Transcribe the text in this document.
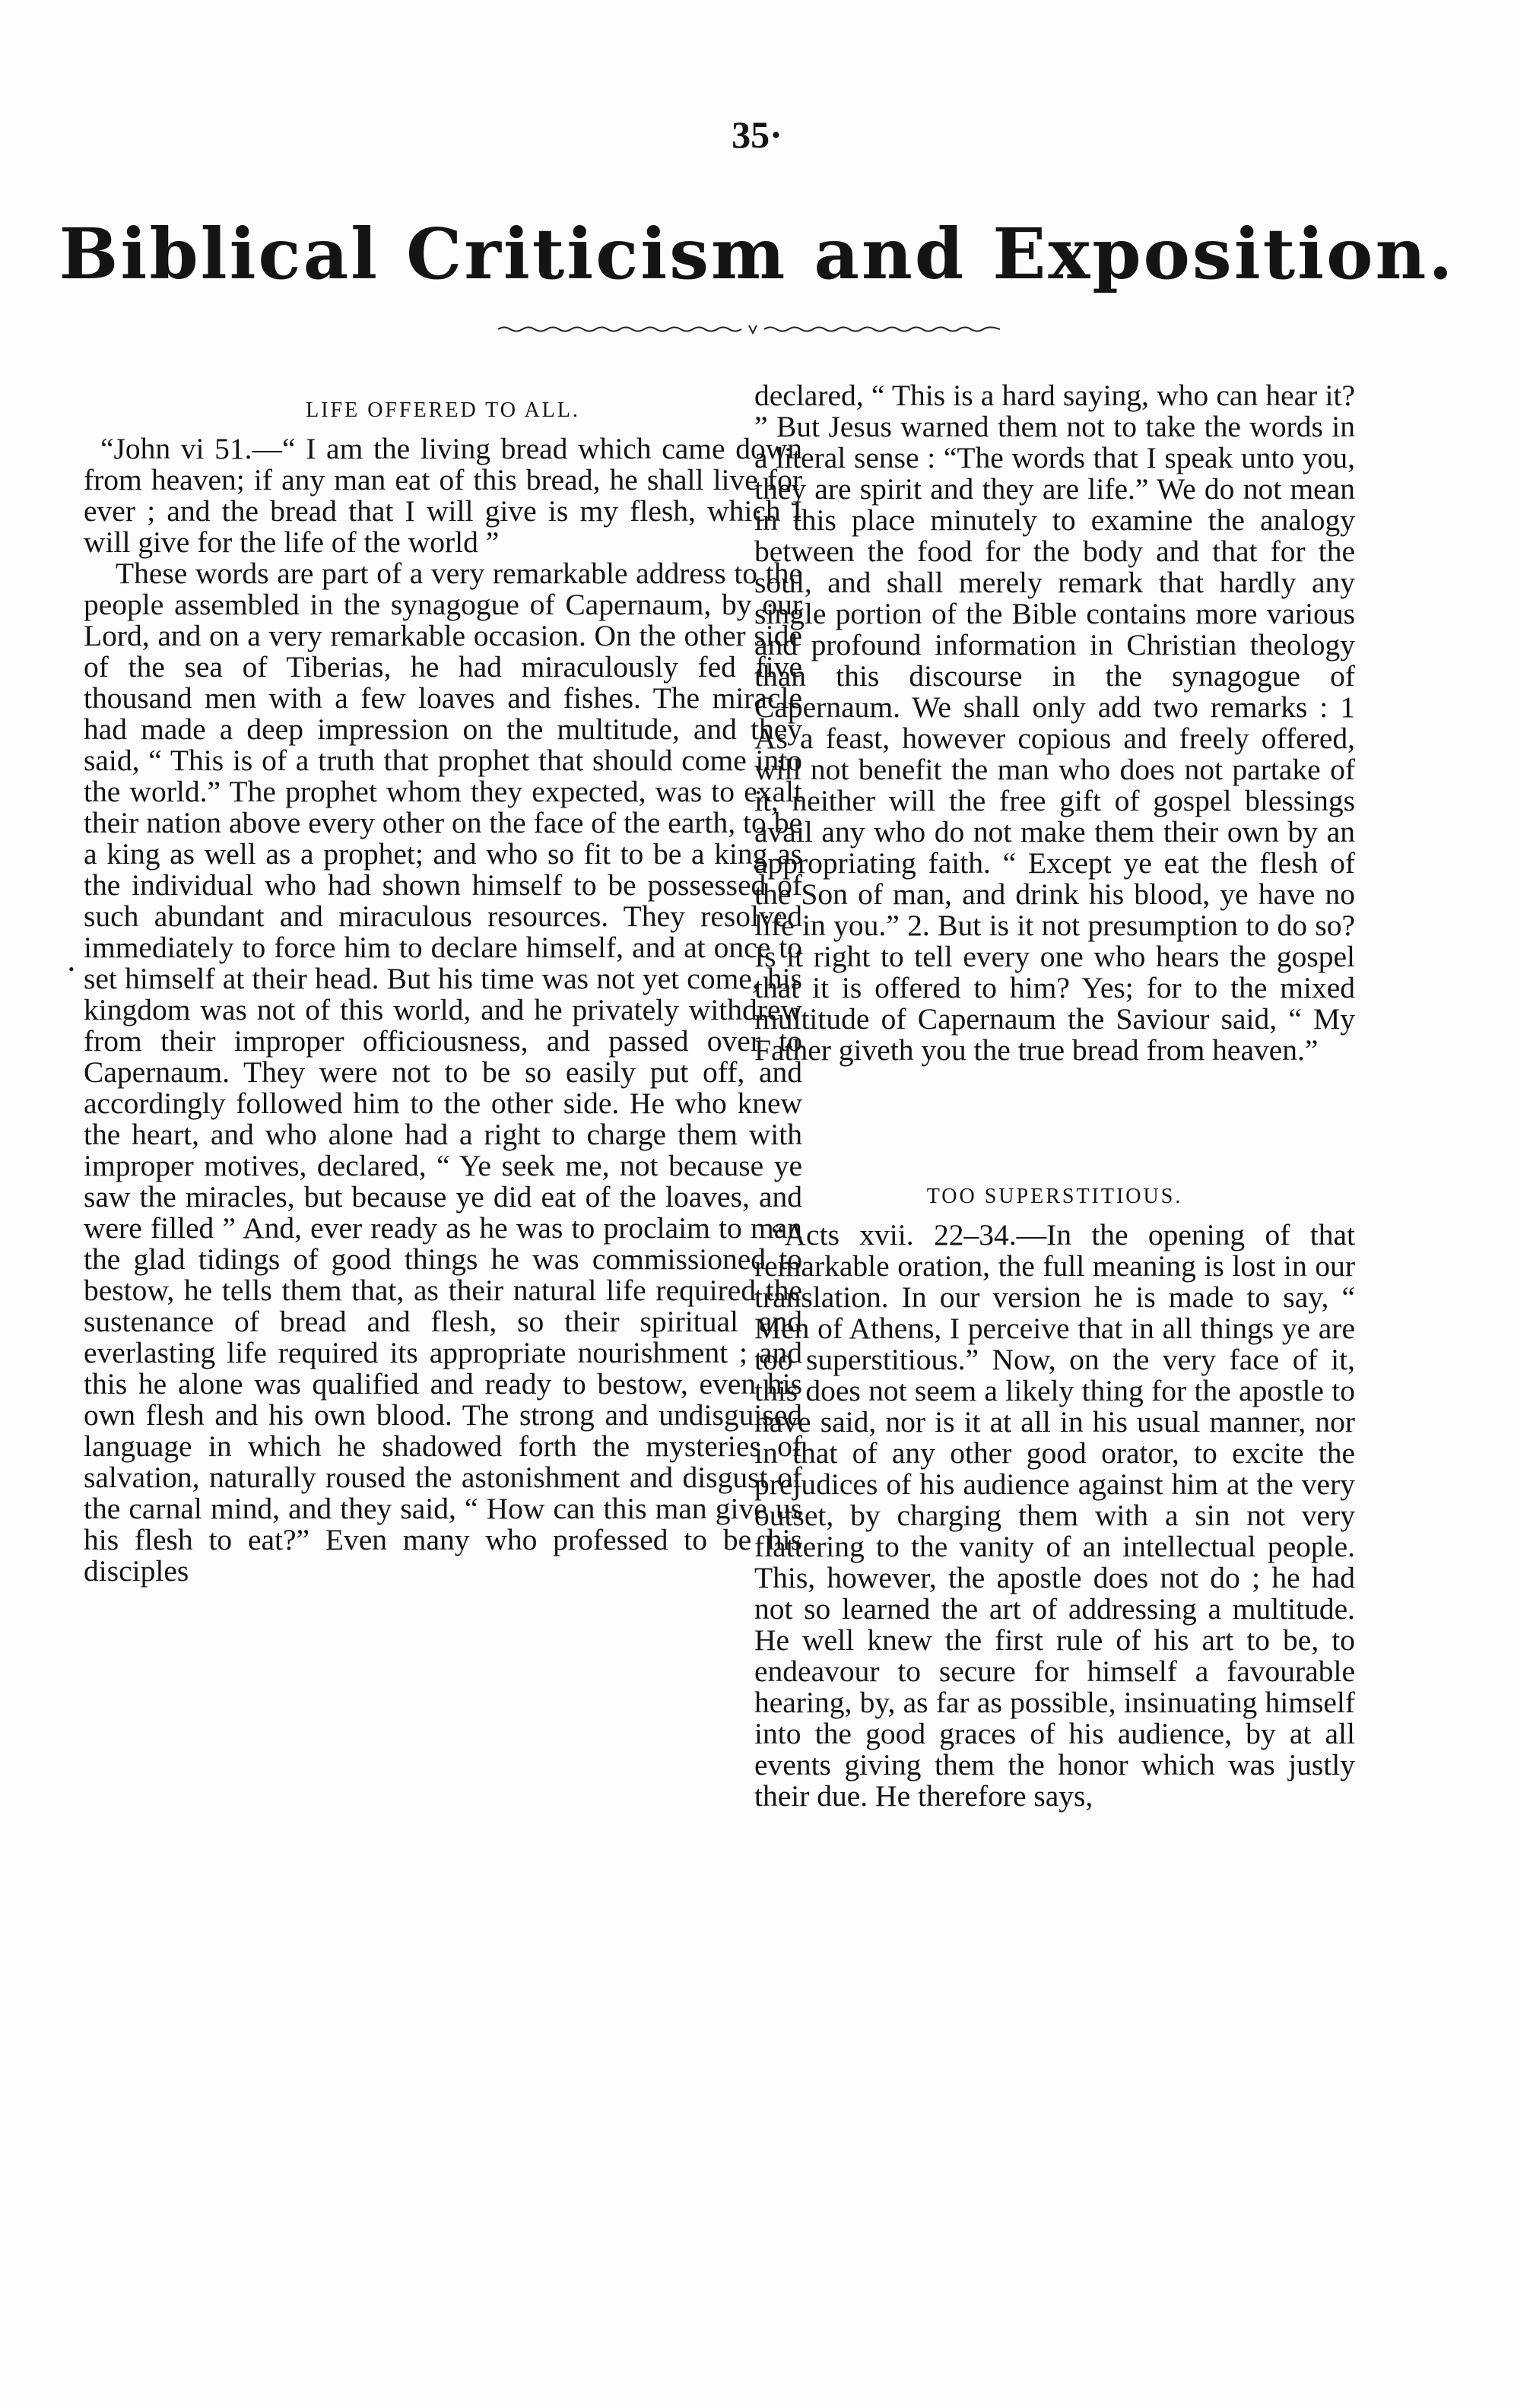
35·
Biblical Criticism and Exposition.
•
LIFE OFFERED TO ALL.

“John vi 51.—“ I am the living bread which came down from heaven; if any man eat of this bread, he shall live for ever ; and the bread that I will give is my flesh, which I will give for the life of the world ”

These words are part of a very remarkable address to the people assembled in the synagogue of Capernaum, by our Lord, and on a very remarkable occasion. On the other side of the sea of Tiberias, he had miraculously fed five thousand men with a few loaves and fishes. The miracle had made a deep impression on the multitude, and they said, “ This is of a truth that prophet that should come into the world.” The prophet whom they expected, was to exalt their nation above every other on the face of the earth, to be a king as well as a prophet; and who so fit to be a king as the individual who had shown himself to be possessed of such abundant and miraculous resources. They resolved immediately to force him to declare himself, and at once to set himself at their head. But his time was not yet come, his kingdom was not of this world, and he privately withdrew from their improper officiousness, and passed over to Capernaum. They were not to be so easily put off, and accordingly followed him to the other side. He who knew the heart, and who alone had a right to charge them with improper motives, declared, “ Ye seek me, not because ye saw the miracles, but because ye did eat of the loaves, and were filled ” And, ever ready as he was to proclaim to man the glad tidings of good things he was commissioned to bestow, he tells them that, as their natural life required the sustenance of bread and flesh, so their spiritual and everlasting life required its appropriate nourishment ; and this he alone was qualified and ready to bestow, even his own flesh and his own blood. The strong and undisguised language in which he shadowed forth the mysteries of salvation, naturally roused the astonishment and disgust of the carnal mind, and they said, “ How can this man give us his flesh to eat?” Even many who professed to be his disciples

declared, “ This is a hard saying, who can hear it? ” But Jesus warned them not to take the words in a literal sense : “The words that I speak unto you, they are spirit and they are life.” We do not mean in this place minutely to examine the analogy between the food for the body and that for the soul, and shall merely remark that hardly any single portion of the Bible contains more various and profound information in Christian theology than this discourse in the synagogue of Capernaum. We shall only add two remarks : 1 As a feast, however copious and freely offered, will not benefit the man who does not partake of it, neither will the free gift of gospel blessings avail any who do not make them their own by an appropriating faith. “ Except ye eat the flesh of the Son of man, and drink his blood, ye have no life in you.” 2. But is it not presumption to do so? Is it right to tell every one who hears the gospel that it is offered to him? Yes; for to the mixed multitude of Capernaum the Saviour said, “ My Father giveth you the true bread from heaven.”

TOO SUPERSTITIOUS.

“Acts xvii. 22–34.—In the opening of that remarkable oration, the full meaning is lost in our translation. In our version he is made to say, “ Men of Athens, I perceive that in all things ye are too superstitious.” Now, on the very face of it, this does not seem a likely thing for the apostle to have said, nor is it at all in his usual manner, nor in that of any other good orator, to excite the prejudices of his audience against him at the very outset, by charging them with a sin not very flattering to the vanity of an intellectual people. This, however, the apostle does not do ; he had not so learned the art of addressing a multitude. He well knew the first rule of his art to be, to endeavour to secure for himself a favourable hearing, by, as far as possible, insinuating himself into the good graces of his audience, by at all events giving them the honor which was justly their due. He therefore says,
